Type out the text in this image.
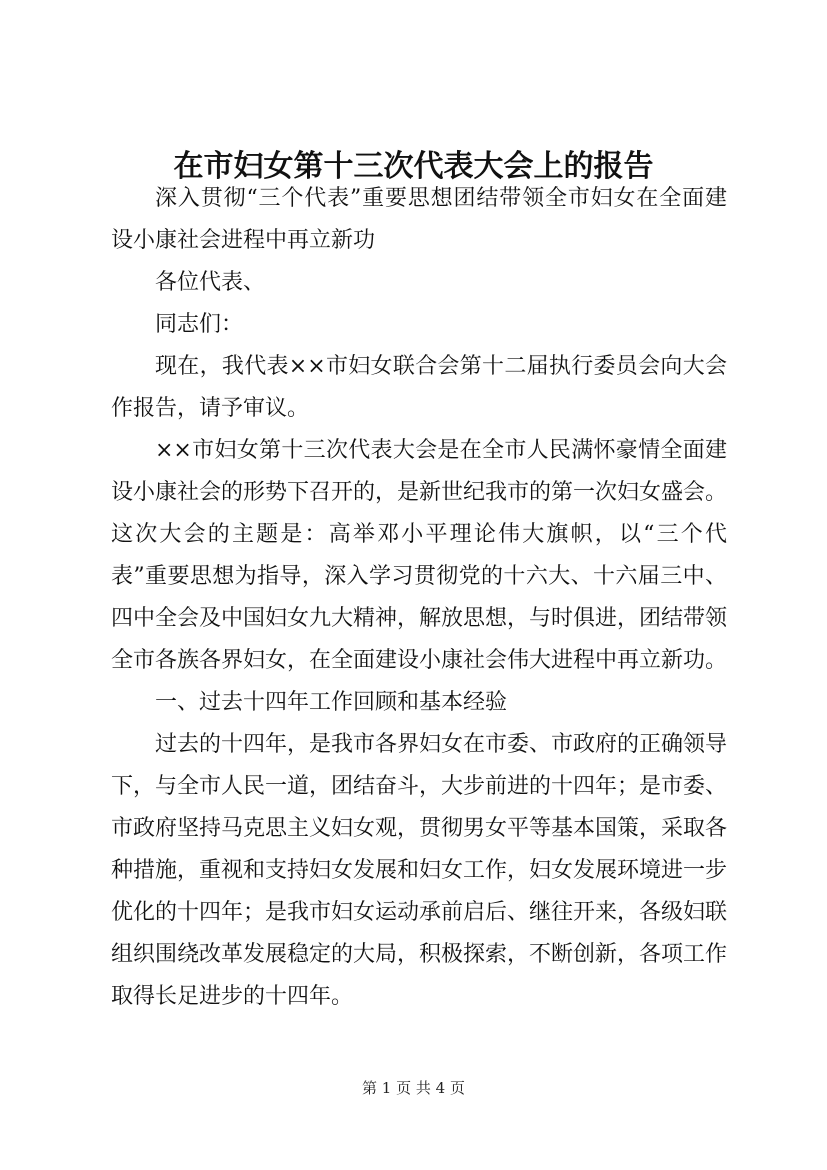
在市妇女第十三次代表大会上的报告

深入贯彻“三个代表”重要思想团结带领全市妇女在全面建设小康社会进程中再立新功

各位代表、

同志们：

现在，我代表××市妇女联合会第十二届执行委员会向大会作报告，请予审议。

××市妇女第十三次代表大会是在全市人民满怀豪情全面建设小康社会的形势下召开的，是新世纪我市的第一次妇女盛会。这次大会的主题是：高举邓小平理论伟大旗帜，以“三个代表”重要思想为指导，深入学习贯彻党的十六大、十六届三中、四中全会及中国妇女九大精神，解放思想，与时俱进，团结带领全市各族各界妇女，在全面建设小康社会伟大进程中再立新功。

一、过去十四年工作回顾和基本经验

过去的十四年，是我市各界妇女在市委、市政府的正确领导下，与全市人民一道，团结奋斗，大步前进的十四年；是市委、市政府坚持马克思主义妇女观，贯彻男女平等基本国策，采取各种措施，重视和支持妇女发展和妇女工作，妇女发展环境进一步优化的十四年；是我市妇女运动承前启后、继往开来，各级妇联组织围绕改革发展稳定的大局，积极探索，不断创新，各项工作取得长足进步的十四年。

第 1 页 共 4 页
